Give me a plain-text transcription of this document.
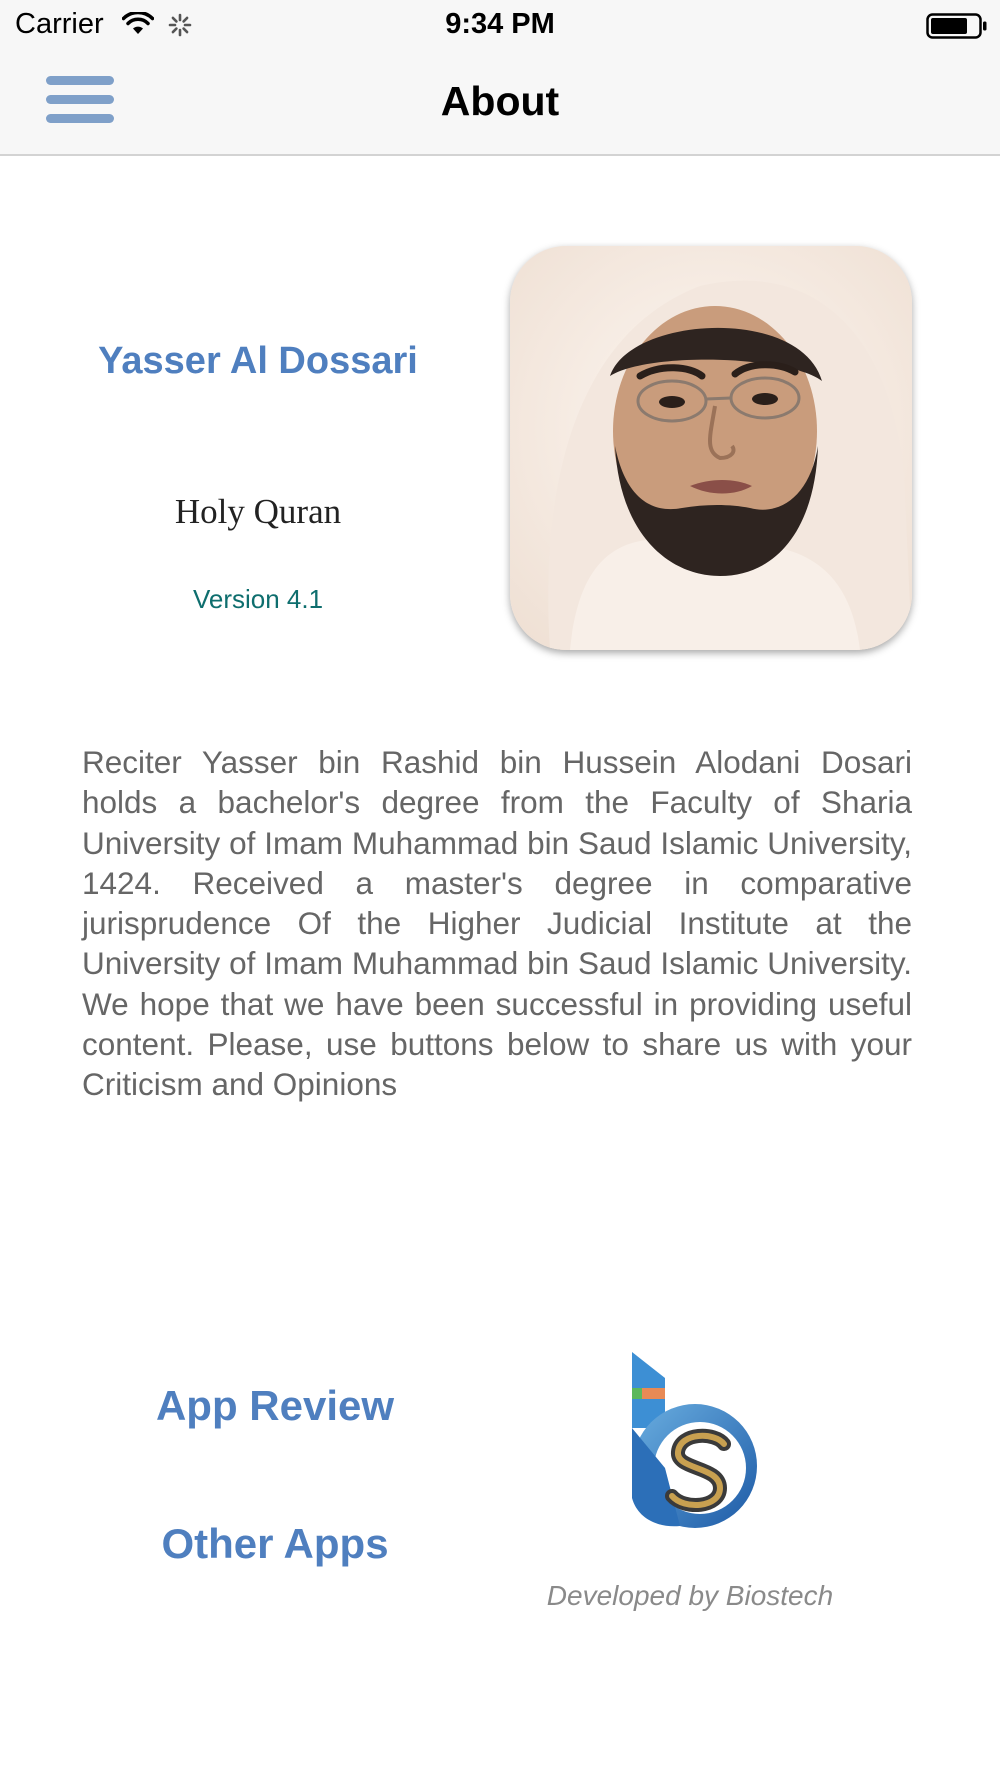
Carrier	9:34 PM
About
Yasser Al Dossari
Holy Quran
Version 4.1

Reciter Yasser bin Rashid bin Hussein Alodani Dosari holds a bachelor's degree from the Faculty of Sharia University of Imam Muhammad bin Saud Islamic University, 1424. Received a master's degree in comparative jurisprudence Of the Higher Judicial Institute at the University of Imam Muhammad bin Saud Islamic University. We hope that we have been successful in providing useful content. Please, use buttons below to share us with your Criticism and Opinions

App Review
Other Apps
Developed by Biostech
